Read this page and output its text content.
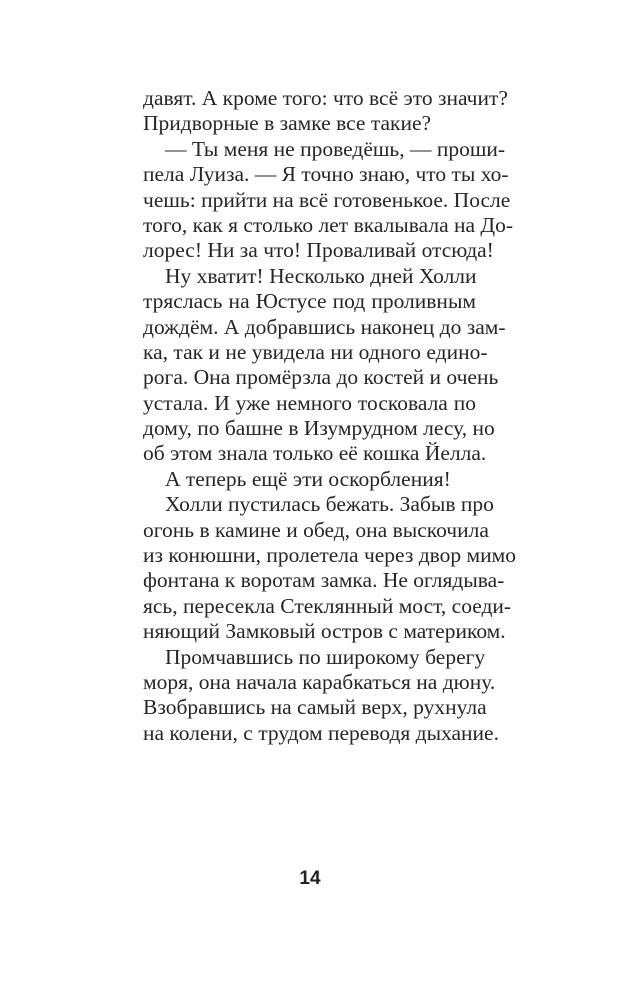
давят. А кроме того: что всё это значит?
Придворные в замке все такие?
— Ты меня не проведёшь, — проши-
пела Луиза. — Я точно знаю, что ты хо-
чешь: прийти на всё готовенькое. После
того, как я столько лет вкалывала на До-
лорес! Ни за что! Проваливай отсюда!
Ну хватит! Несколько дней Холли
тряслась на Юстусе под проливным
дождём. А добравшись наконец до зам-
ка, так и не увидела ни одного едино-
рога. Она промёрзла до костей и очень
устала. И уже немного тосковала по
дому, по башне в Изумрудном лесу, но
об этом знала только её кошка Йелла.
А теперь ещё эти оскорбления!
Холли пустилась бежать. Забыв про
огонь в камине и обед, она выскочила
из конюшни, пролетела через двор мимо
фонтана к воротам замка. Не оглядыва-
ясь, пересекла Стеклянный мост, соеди-
няющий Замковый остров с материком.
Промчавшись по широкому берегу
моря, она начала карабкаться на дюну.
Взобравшись на самый верх, рухнула
на колени, с трудом переводя дыхание.
14
